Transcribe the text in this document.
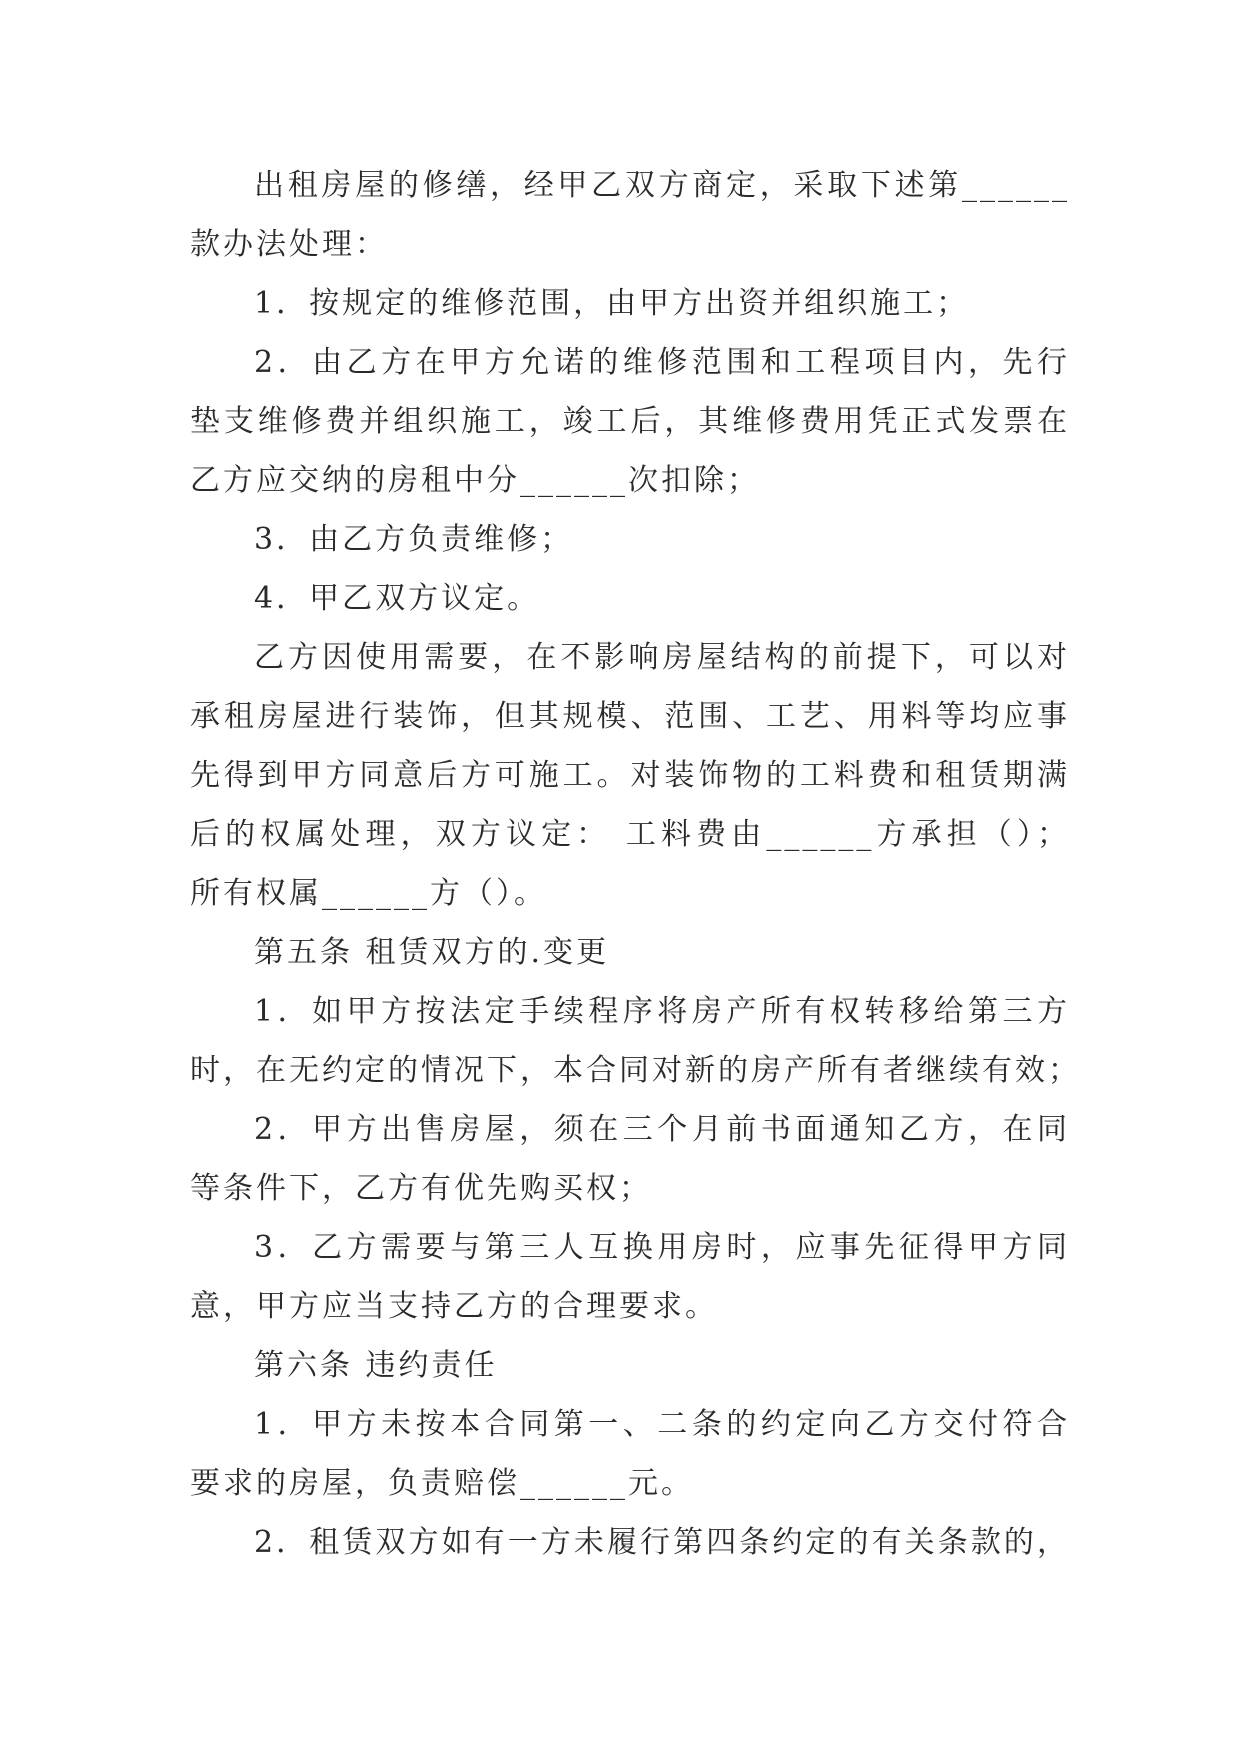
出租房屋的修缮，经甲乙双方商定，采取下述第______
款办法处理：
1．按规定的维修范围，由甲方出资并组织施工；
2．由乙方在甲方允诺的维修范围和工程项目内，先行
垫支维修费并组织施工，竣工后，其维修费用凭正式发票在
乙方应交纳的房租中分______次扣除；
3．由乙方负责维修；
4．甲乙双方议定。
乙方因使用需要，在不影响房屋结构的前提下，可以对
承租房屋进行装饰，但其规模、范围、工艺、用料等均应事
先得到甲方同意后方可施工。对装饰物的工料费和租赁期满
后的权属处理，双方议定： 工料费由______方承担（）；
所有权属______方（）。
第五条 租赁双方的.变更
1．如甲方按法定手续程序将房产所有权转移给第三方
时，在无约定的情况下，本合同对新的房产所有者继续有效；
2．甲方出售房屋，须在三个月前书面通知乙方，在同
等条件下，乙方有优先购买权；
3．乙方需要与第三人互换用房时，应事先征得甲方同
意，甲方应当支持乙方的合理要求。
第六条 违约责任
1．甲方未按本合同第一、二条的约定向乙方交付符合
要求的房屋，负责赔偿______元。
2．租赁双方如有一方未履行第四条约定的有关条款的，
